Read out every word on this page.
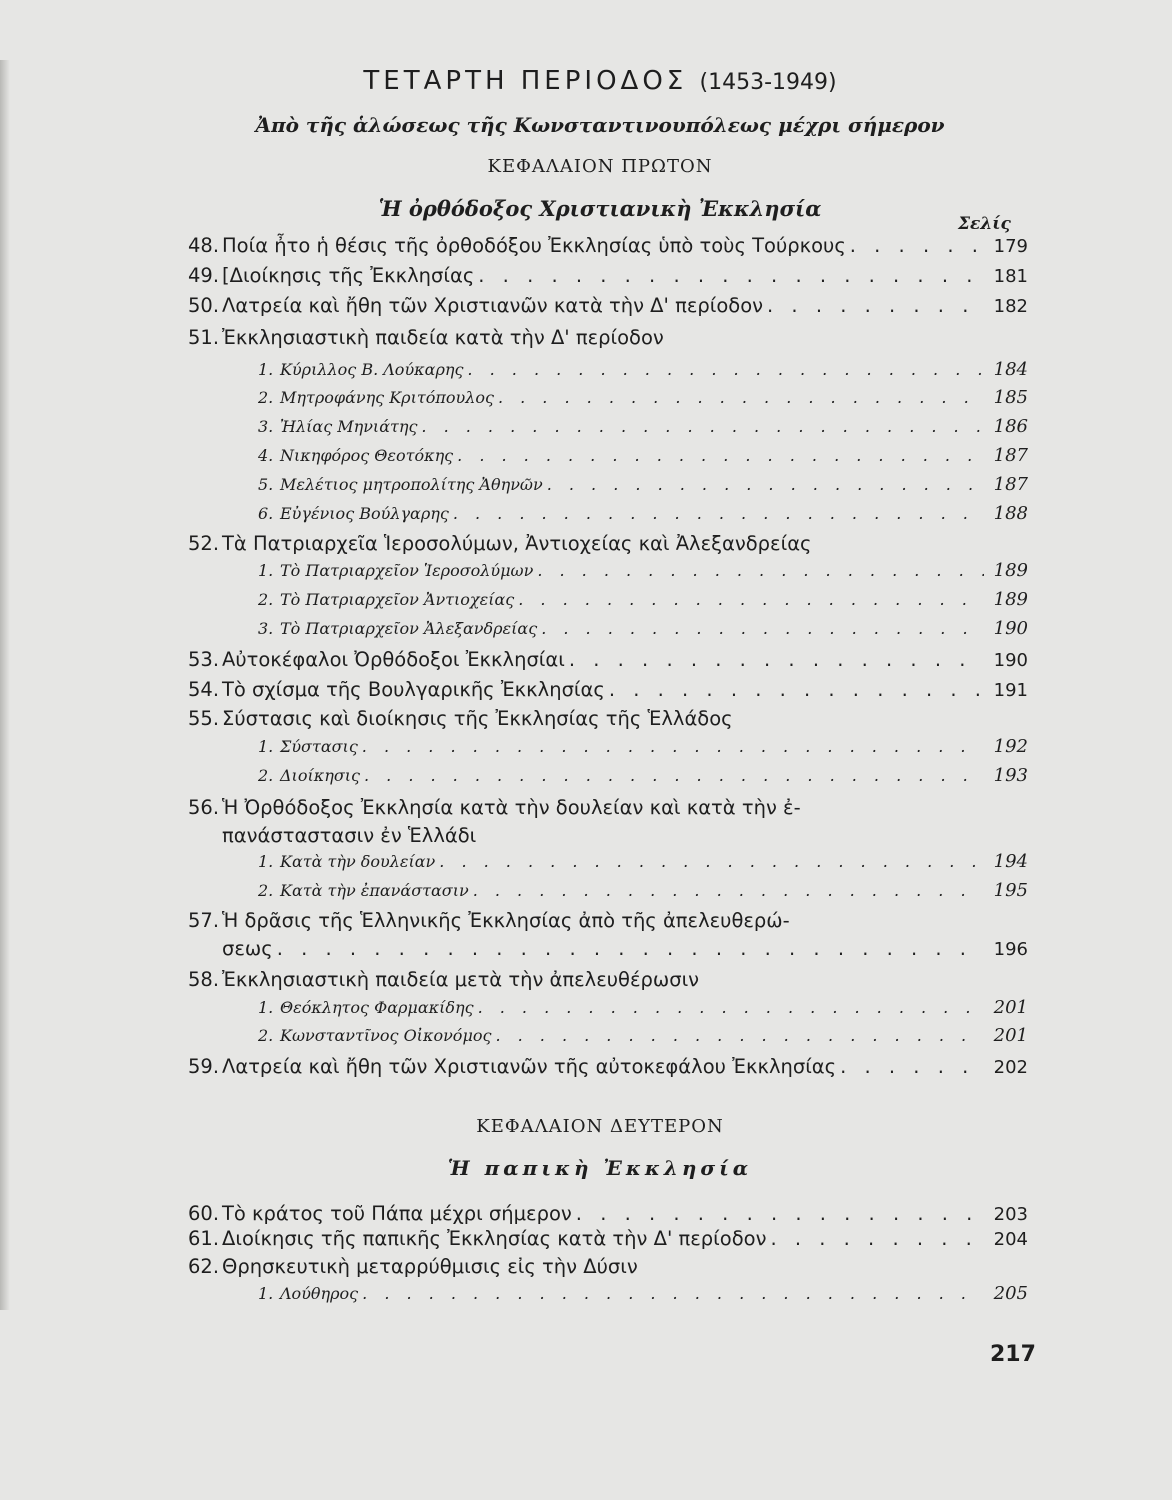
ΤΕΤΑΡΤΗ ΠΕΡΙΟΔΟΣ (1453-1949)
Ἀπὸ τῆς ἁλώσεως τῆς Κωνσταντινουπόλεως μέχρι σήμερον
ΚΕΦΑΛΑΙΟΝ ΠΡΩΤΟΝ
Ἡ ὀρθόδοξος Χριστιανικὴ Ἐκκλησία
Σελίς
48. Ποία ἦτο ἡ θέσις τῆς ὀρθοδόξου Ἐκκλησίας ὑπὸ τοὺς Τούρκους . . .	179
49. [Διοίκησις τῆς Ἐκκλησίας . . .	181
50. Λατρεία καὶ ἤθη τῶν Χριστιανῶν κατὰ τὴν Δ' περίοδον . . .	182
51. Ἐκκλησιαστικὴ παιδεία κατὰ τὴν Δ' περίοδον
1. Κύριλλος Β. Λούκαρης . . .	184
2. Μητροφάνης Κριτόπουλος . . .	185
3. Ἠλίας Μηνιάτης . . .	186
4. Νικηφόρος Θεοτόκης . . .	187
5. Μελέτιος μητροπολίτης Ἀθηνῶν . . .	187
6. Εὐγένιος Βούλγαρης . . .	188
52. Τὰ Πατριαρχεῖα Ἱεροσολύμων, Ἀντιοχείας καὶ Ἀλεξανδρείας
1. Τὸ Πατριαρχεῖον Ἱεροσολύμων . . .	189
2. Τὸ Πατριαρχεῖον Ἀντιοχείας . . .	189
3. Τὸ Πατριαρχεῖον Ἀλεξανδρείας . . .	190
53. Αὐτοκέφαλοι Ὀρθόδοξοι Ἐκκλησίαι . . .	190
54. Τὸ σχίσμα τῆς Βουλγαρικῆς Ἐκκλησίας . . .	191
55. Σύστασις καὶ διοίκησις τῆς Ἐκκλησίας τῆς Ἑλλάδος
1. Σύστασις . . .	192
2. Διοίκησις . . .	193
56. Ἡ Ὀρθόδοξος Ἐκκλησία κατὰ τὴν δουλείαν καὶ κατὰ τὴν ἐ-
πανάσταστασιν ἐν Ἑλλάδι
1. Κατὰ τὴν δουλείαν . . .	194
2. Κατὰ τὴν ἐπανάστασιν . . .	195
57. Ἡ δρᾶσις τῆς Ἑλληνικῆς Ἐκκλησίας ἀπὸ τῆς ἀπελευθερώ-
σεως . . .	196
58. Ἐκκλησιαστικὴ παιδεία μετὰ τὴν ἀπελευθέρωσιν
1. Θεόκλητος Φαρμακίδης . . .	201
2. Κωνσταντῖνος Οἰκονόμος . . .	201
59. Λατρεία καὶ ἤθη τῶν Χριστιανῶν τῆς αὐτοκεφάλου Ἐκκλησίας . . .	202
ΚΕΦΑΛΑΙΟΝ ΔΕΥΤΕΡΟΝ
Ἡ παπικὴ Ἐκκλησία
60. Τὸ κράτος τοῦ Πάπα μέχρι σήμερον . . .	203
61. Διοίκησις τῆς παπικῆς Ἐκκλησίας κατὰ τὴν Δ' περίοδον . . .	204
62. Θρησκευτικὴ μεταρρύθμισις εἰς τὴν Δύσιν
1. Λούθηρος . . .	205
217
